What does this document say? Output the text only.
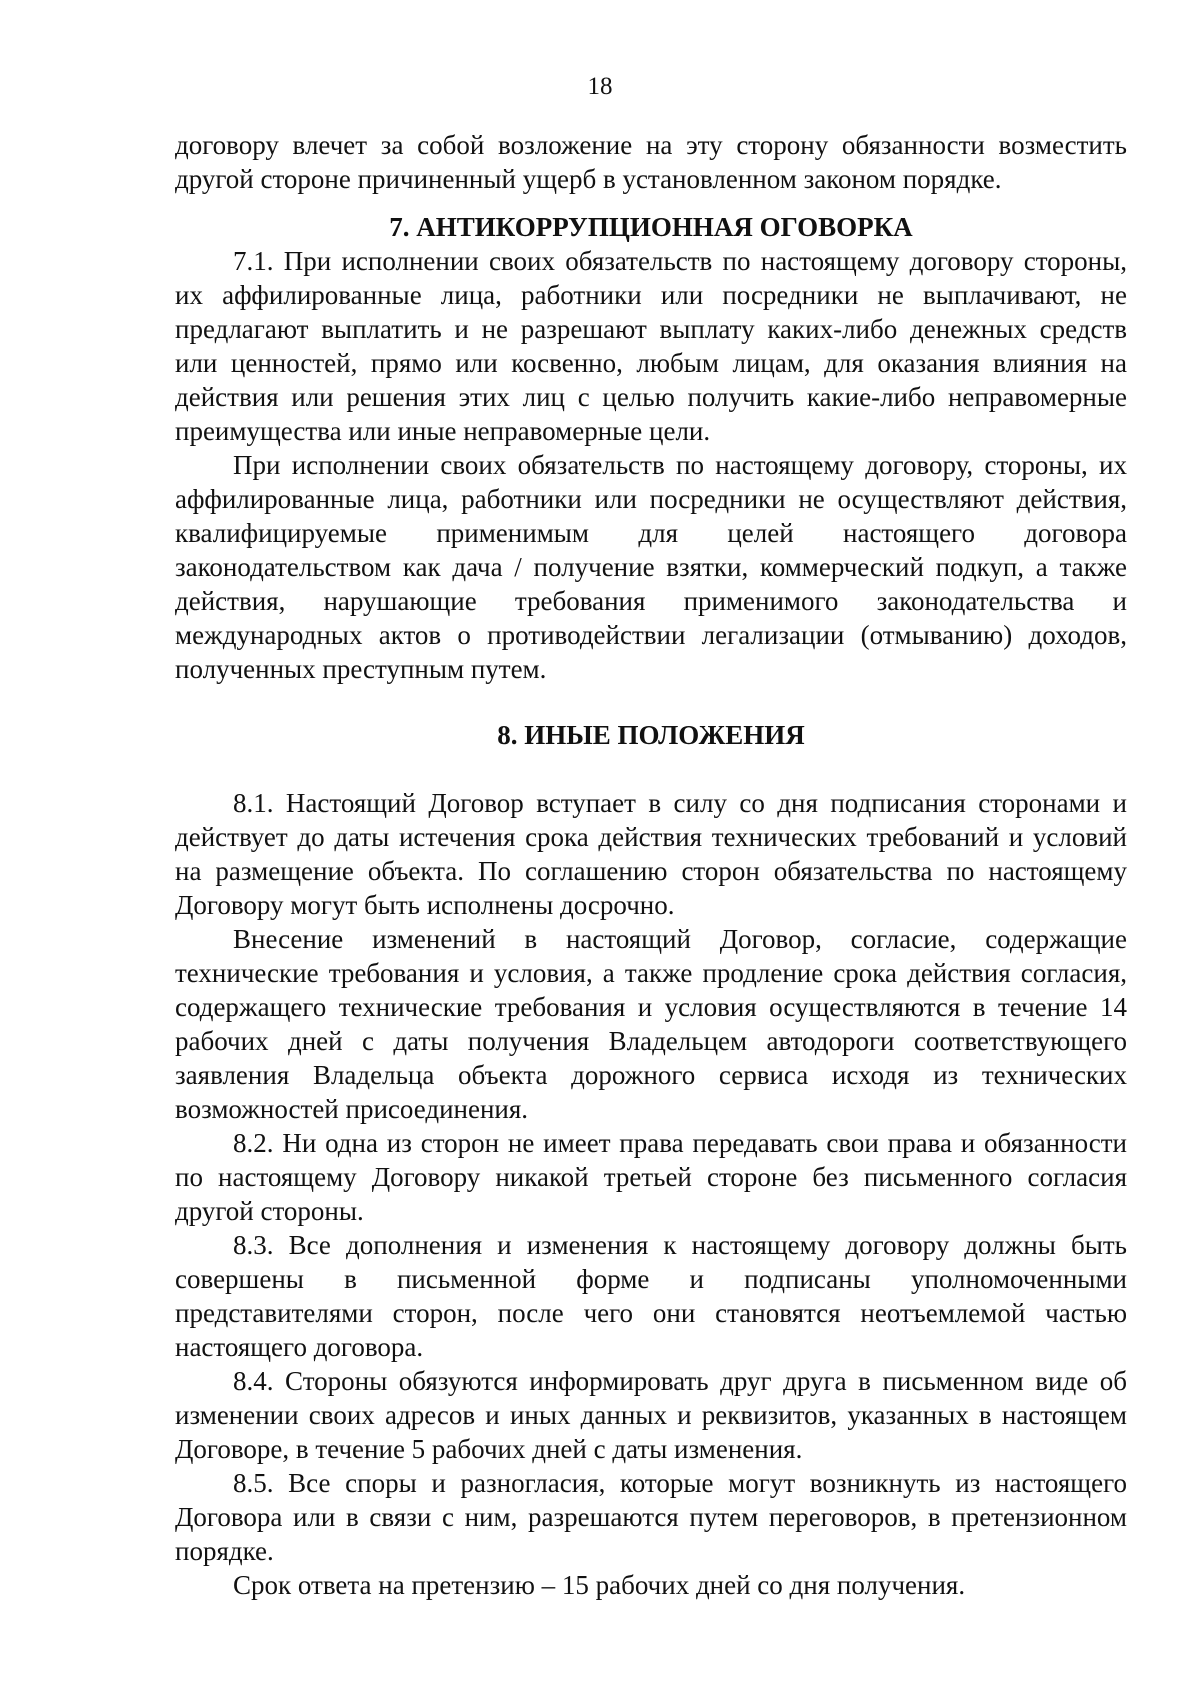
18

договору влечет за собой возложение на эту сторону обязанности возместить другой стороне причиненный ущерб в установленном законом порядке.

7. АНТИКОРРУПЦИОННАЯ ОГОВОРКА

7.1. При исполнении своих обязательств по настоящему договору стороны, их аффилированные лица, работники или посредники не выплачивают, не предлагают выплатить и не разрешают выплату каких-либо денежных средств или ценностей, прямо или косвенно, любым лицам, для оказания влияния на действия или решения этих лиц с целью получить какие-либо неправомерные преимущества или иные неправомерные цели.

При исполнении своих обязательств по настоящему договору, стороны, их аффилированные лица, работники или посредники не осуществляют действия, квалифицируемые применимым для целей настоящего договора законодательством как дача / получение взятки, коммерческий подкуп, а также действия, нарушающие требования применимого законодательства и международных актов о противодействии легализации (отмыванию) доходов, полученных преступным путем.

8. ИНЫЕ ПОЛОЖЕНИЯ

8.1. Настоящий Договор вступает в силу со дня подписания сторонами и действует до даты истечения срока действия технических требований и условий на размещение объекта. По соглашению сторон обязательства по настоящему Договору могут быть исполнены досрочно.

Внесение изменений в настоящий Договор, согласие, содержащие технические требования и условия, а также продление срока действия согласия, содержащего технические требования и условия осуществляются в течение 14 рабочих дней с даты получения Владельцем автодороги соответствующего заявления Владельца объекта дорожного сервиса исходя из технических возможностей присоединения.

8.2. Ни одна из сторон не имеет права передавать свои права и обязанности по настоящему Договору никакой третьей стороне без письменного согласия другой стороны.

8.3. Все дополнения и изменения к настоящему договору должны быть совершены в письменной форме и подписаны уполномоченными представителями сторон, после чего они становятся неотъемлемой частью настоящего договора.

8.4. Стороны обязуются информировать друг друга в письменном виде об изменении своих адресов и иных данных и реквизитов, указанных в настоящем Договоре, в течение 5 рабочих дней с даты изменения.

8.5. Все споры и разногласия, которые могут возникнуть из настоящего Договора или в связи с ним, разрешаются путем переговоров, в претензионном порядке.

Срок ответа на претензию – 15 рабочих дней со дня получения.
